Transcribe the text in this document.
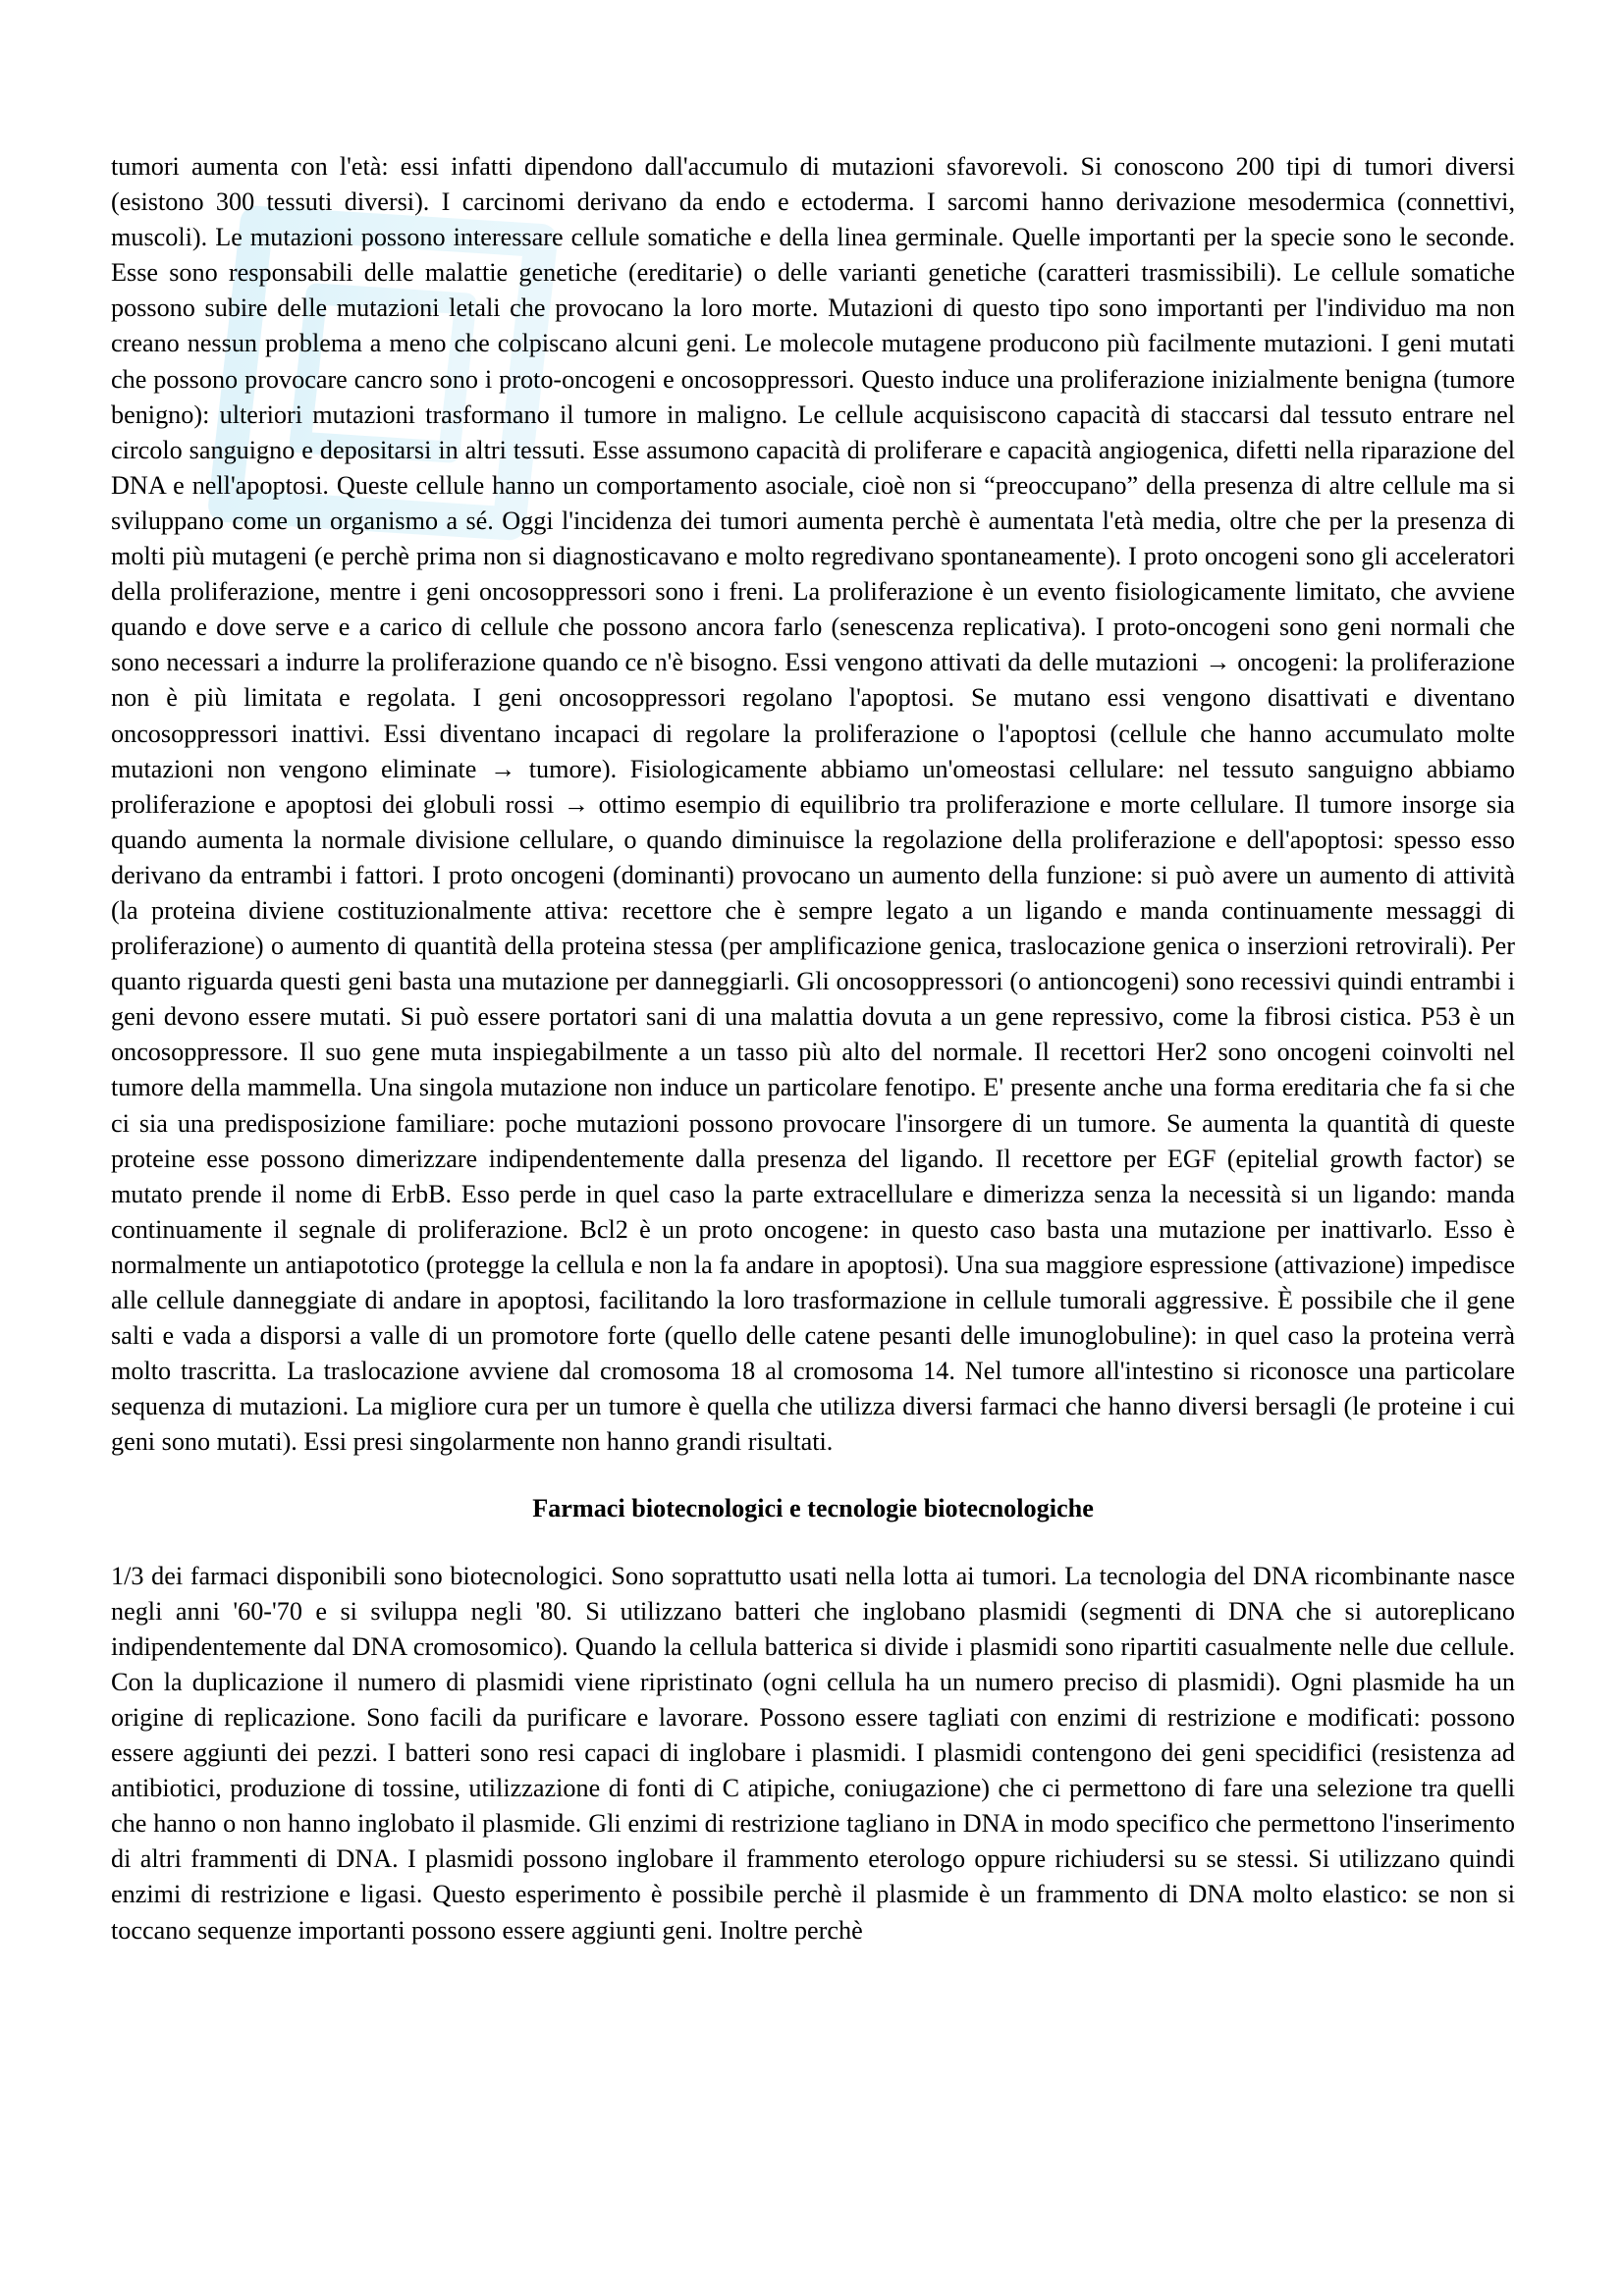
tumori aumenta con l'età: essi infatti dipendono dall'accumulo di mutazioni sfavorevoli. Si conoscono 200 tipi di tumori diversi (esistono 300 tessuti diversi). I carcinomi derivano da endo e ectoderma. I sarcomi hanno derivazione mesodermica (connettivi, muscoli). Le mutazioni possono interessare cellule somatiche e della linea germinale. Quelle importanti per la specie sono le seconde. Esse sono responsabili delle malattie genetiche (ereditarie) o delle varianti genetiche (caratteri trasmissibili). Le cellule somatiche possono subire delle mutazioni letali che provocano la loro morte. Mutazioni di questo tipo sono importanti per l'individuo ma non creano nessun problema a meno che colpiscano alcuni geni. Le molecole mutagene producono più facilmente mutazioni. I geni mutati che possono provocare cancro sono i proto-oncogeni e oncosoppressori. Questo induce una proliferazione inizialmente benigna (tumore benigno): ulteriori mutazioni trasformano il tumore in maligno. Le cellule acquisiscono capacità di staccarsi dal tessuto entrare nel circolo sanguigno e depositarsi in altri tessuti. Esse assumono capacità di proliferare e capacità angiogenica, difetti nella riparazione del DNA e nell'apoptosi. Queste cellule hanno un comportamento asociale, cioè non si “preoccupano” della presenza di altre cellule ma si sviluppano come un organismo a sé. Oggi l'incidenza dei tumori aumenta perchè è aumentata l'età media, oltre che per la presenza di molti più mutageni (e perchè prima non si diagnosticavano e molto regredivano spontaneamente). I proto oncogeni sono gli acceleratori della proliferazione, mentre i geni oncosoppressori sono i freni. La proliferazione è un evento fisiologicamente limitato, che avviene quando e dove serve e a carico di cellule che possono ancora farlo (senescenza replicativa). I proto-oncogeni sono geni normali che sono necessari a indurre la proliferazione quando ce n'è bisogno. Essi vengono attivati da delle mutazioni → oncogeni: la proliferazione non è più limitata e regolata. I geni oncosoppressori regolano l'apoptosi. Se mutano essi vengono disattivati e diventano oncosoppressori inattivi. Essi diventano incapaci di regolare la proliferazione o l'apoptosi (cellule che hanno accumulato molte mutazioni non vengono eliminate → tumore). Fisiologicamente abbiamo un'omeostasi cellulare: nel tessuto sanguigno abbiamo proliferazione e apoptosi dei globuli rossi → ottimo esempio di equilibrio tra proliferazione e morte cellulare. Il tumore insorge sia quando aumenta la normale divisione cellulare, o quando diminuisce la regolazione della proliferazione e dell'apoptosi: spesso esso derivano da entrambi i fattori. I proto oncogeni (dominanti) provocano un aumento della funzione: si può avere un aumento di attività (la proteina diviene costituzionalmente attiva: recettore che è sempre legato a un ligando e manda continuamente messaggi di proliferazione) o aumento di quantità della proteina stessa (per amplificazione genica, traslocazione genica o inserzioni retrovirali). Per quanto riguarda questi geni basta una mutazione per danneggiarli. Gli oncosoppressori (o antioncogeni) sono recessivi quindi entrambi i geni devono essere mutati. Si può essere portatori sani di una malattia dovuta a un gene repressivo, come la fibrosi cistica. P53 è un oncosoppressore. Il suo gene muta inspiegabilmente a un tasso più alto del normale. Il recettori Her2 sono oncogeni coinvolti nel tumore della mammella. Una singola mutazione non induce un particolare fenotipo. E' presente anche una forma ereditaria che fa si che ci sia una predisposizione familiare: poche mutazioni possono provocare l'insorgere di un tumore. Se aumenta la quantità di queste proteine esse possono dimerizzare indipendentemente dalla presenza del ligando. Il recettore per EGF (epitelial growth factor) se mutato prende il nome di ErbB. Esso perde in quel caso la parte extracellulare e dimerizza senza la necessità si un ligando: manda continuamente il segnale di proliferazione. Bcl2 è un proto oncogene: in questo caso basta una mutazione per inattivarlo. Esso è normalmente un antiapototico (protegge la cellula e non la fa andare in apoptosi). Una sua maggiore espressione (attivazione) impedisce alle cellule danneggiate di andare in apoptosi, facilitando la loro trasformazione in cellule tumorali aggressive. È possibile che il gene salti e vada a disporsi a valle di un promotore forte (quello delle catene pesanti delle imunoglobuline): in quel caso la proteina verrà molto trascritta. La traslocazione avviene dal cromosoma 18 al cromosoma 14. Nel tumore all'intestino si riconosce una particolare sequenza di mutazioni. La migliore cura per un tumore è quella che utilizza diversi farmaci che hanno diversi bersagli (le proteine i cui geni sono mutati). Essi presi singolarmente non hanno grandi risultati.

Farmaci biotecnologici e tecnologie biotecnologiche

1/3 dei farmaci disponibili sono biotecnologici. Sono soprattutto usati nella lotta ai tumori. La tecnologia del DNA ricombinante nasce negli anni '60-'70 e si sviluppa negli '80. Si utilizzano batteri che inglobano plasmidi (segmenti di DNA che si autoreplicano indipendentemente dal DNA cromosomico). Quando la cellula batterica si divide i plasmidi sono ripartiti casualmente nelle due cellule. Con la duplicazione il numero di plasmidi viene ripristinato (ogni cellula ha un numero preciso di plasmidi). Ogni plasmide ha un origine di replicazione. Sono facili da purificare e lavorare. Possono essere tagliati con enzimi di restrizione e modificati: possono essere aggiunti dei pezzi. I batteri sono resi capaci di inglobare i plasmidi. I plasmidi contengono dei geni specidifici (resistenza ad antibiotici, produzione di tossine, utilizzazione di fonti di C atipiche, coniugazione) che ci permettono di fare una selezione tra quelli che hanno o non hanno inglobato il plasmide. Gli enzimi di restrizione tagliano in DNA in modo specifico che permettono l'inserimento di altri frammenti di DNA. I plasmidi possono inglobare il frammento eterologo oppure richiudersi su se stessi. Si utilizzano quindi enzimi di restrizione e ligasi. Questo esperimento è possibile perchè il plasmide è un frammento di DNA molto elastico: se non si toccano sequenze importanti possono essere aggiunti geni. Inoltre perchè
